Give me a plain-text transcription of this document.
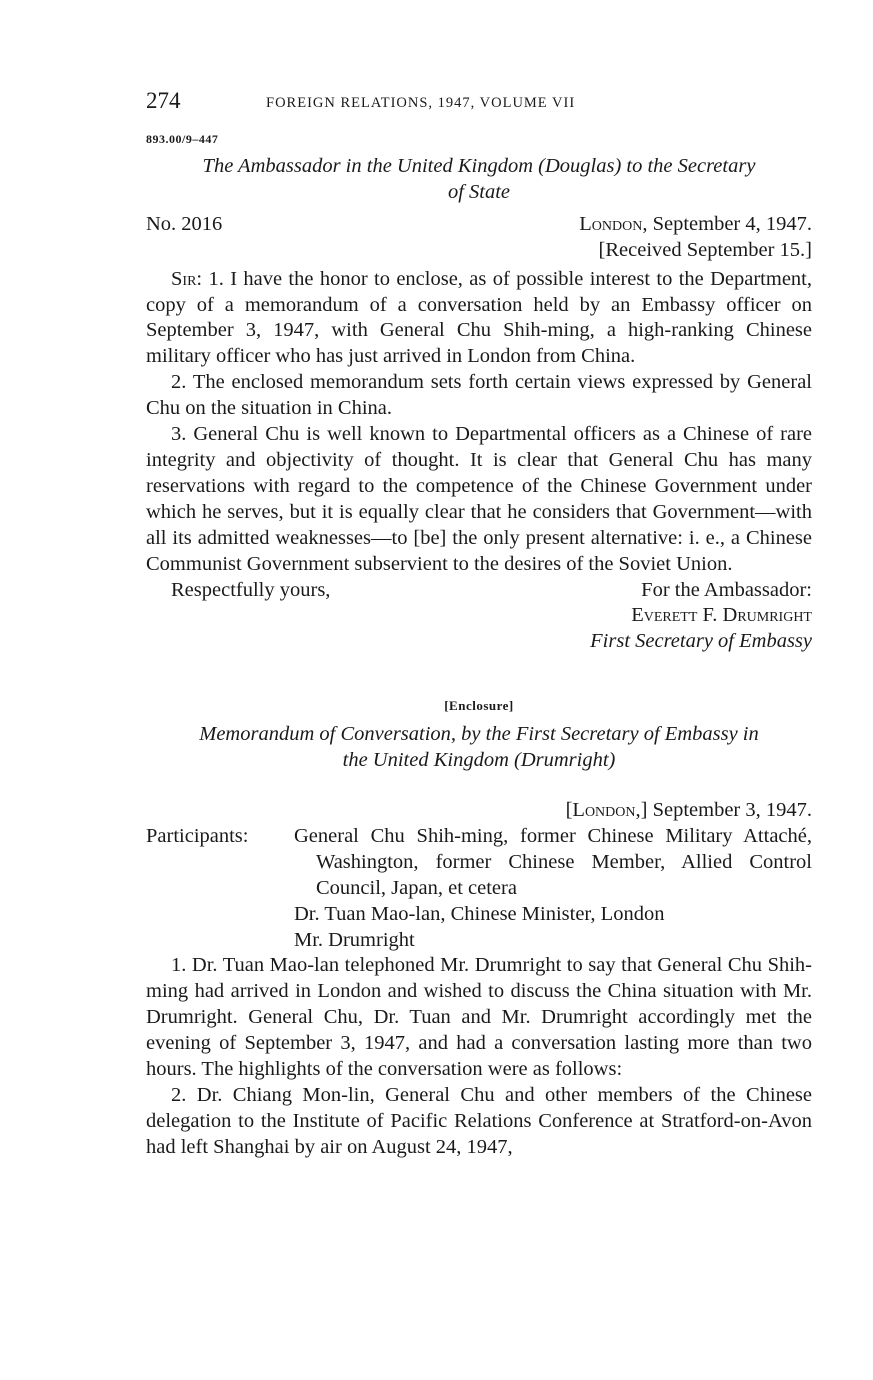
274	FOREIGN RELATIONS, 1947, VOLUME VII
893.00/9–447
The Ambassador in the United Kingdom (Douglas) to the Secretary
of State
No. 2016	London, September 4, 1947.
[Received September 15.]

Sir: 1. I have the honor to enclose, as of possible interest to the Department, copy of a memorandum of a conversation held by an Embassy officer on September 3, 1947, with General Chu Shih-ming, a high-ranking Chinese military officer who has just arrived in London from China.

2. The enclosed memorandum sets forth certain views expressed by General Chu on the situation in China.

3. General Chu is well known to Departmental officers as a Chinese of rare integrity and objectivity of thought. It is clear that General Chu has many reservations with regard to the competence of the Chinese Government under which he serves, but it is equally clear that he considers that Government—with all its admitted weaknesses—to [be] the only present alternative: i. e., a Chinese Communist Government subservient to the desires of the Soviet Union.

Respectfully yours,	For the Ambassador:
Everett F. Drumright
First Secretary of Embassy
[Enclosure]
Memorandum of Conversation, by the First Secretary of Embassy in
the United Kingdom (Drumright)
[London,] September 3, 1947.
Participants:	General Chu Shih-ming, former Chinese Military Attaché, Washington, former Chinese Member, Allied Control Council, Japan, et cetera
Dr. Tuan Mao-lan, Chinese Minister, London
Mr. Drumright

1. Dr. Tuan Mao-lan telephoned Mr. Drumright to say that General Chu Shih-ming had arrived in London and wished to discuss the China situation with Mr. Drumright. General Chu, Dr. Tuan and Mr. Drumright accordingly met the evening of September 3, 1947, and had a conversation lasting more than two hours. The highlights of the conversation were as follows:

2. Dr. Chiang Mon-lin, General Chu and other members of the Chinese delegation to the Institute of Pacific Relations Conference at Stratford-on-Avon had left Shanghai by air on August 24, 1947,
